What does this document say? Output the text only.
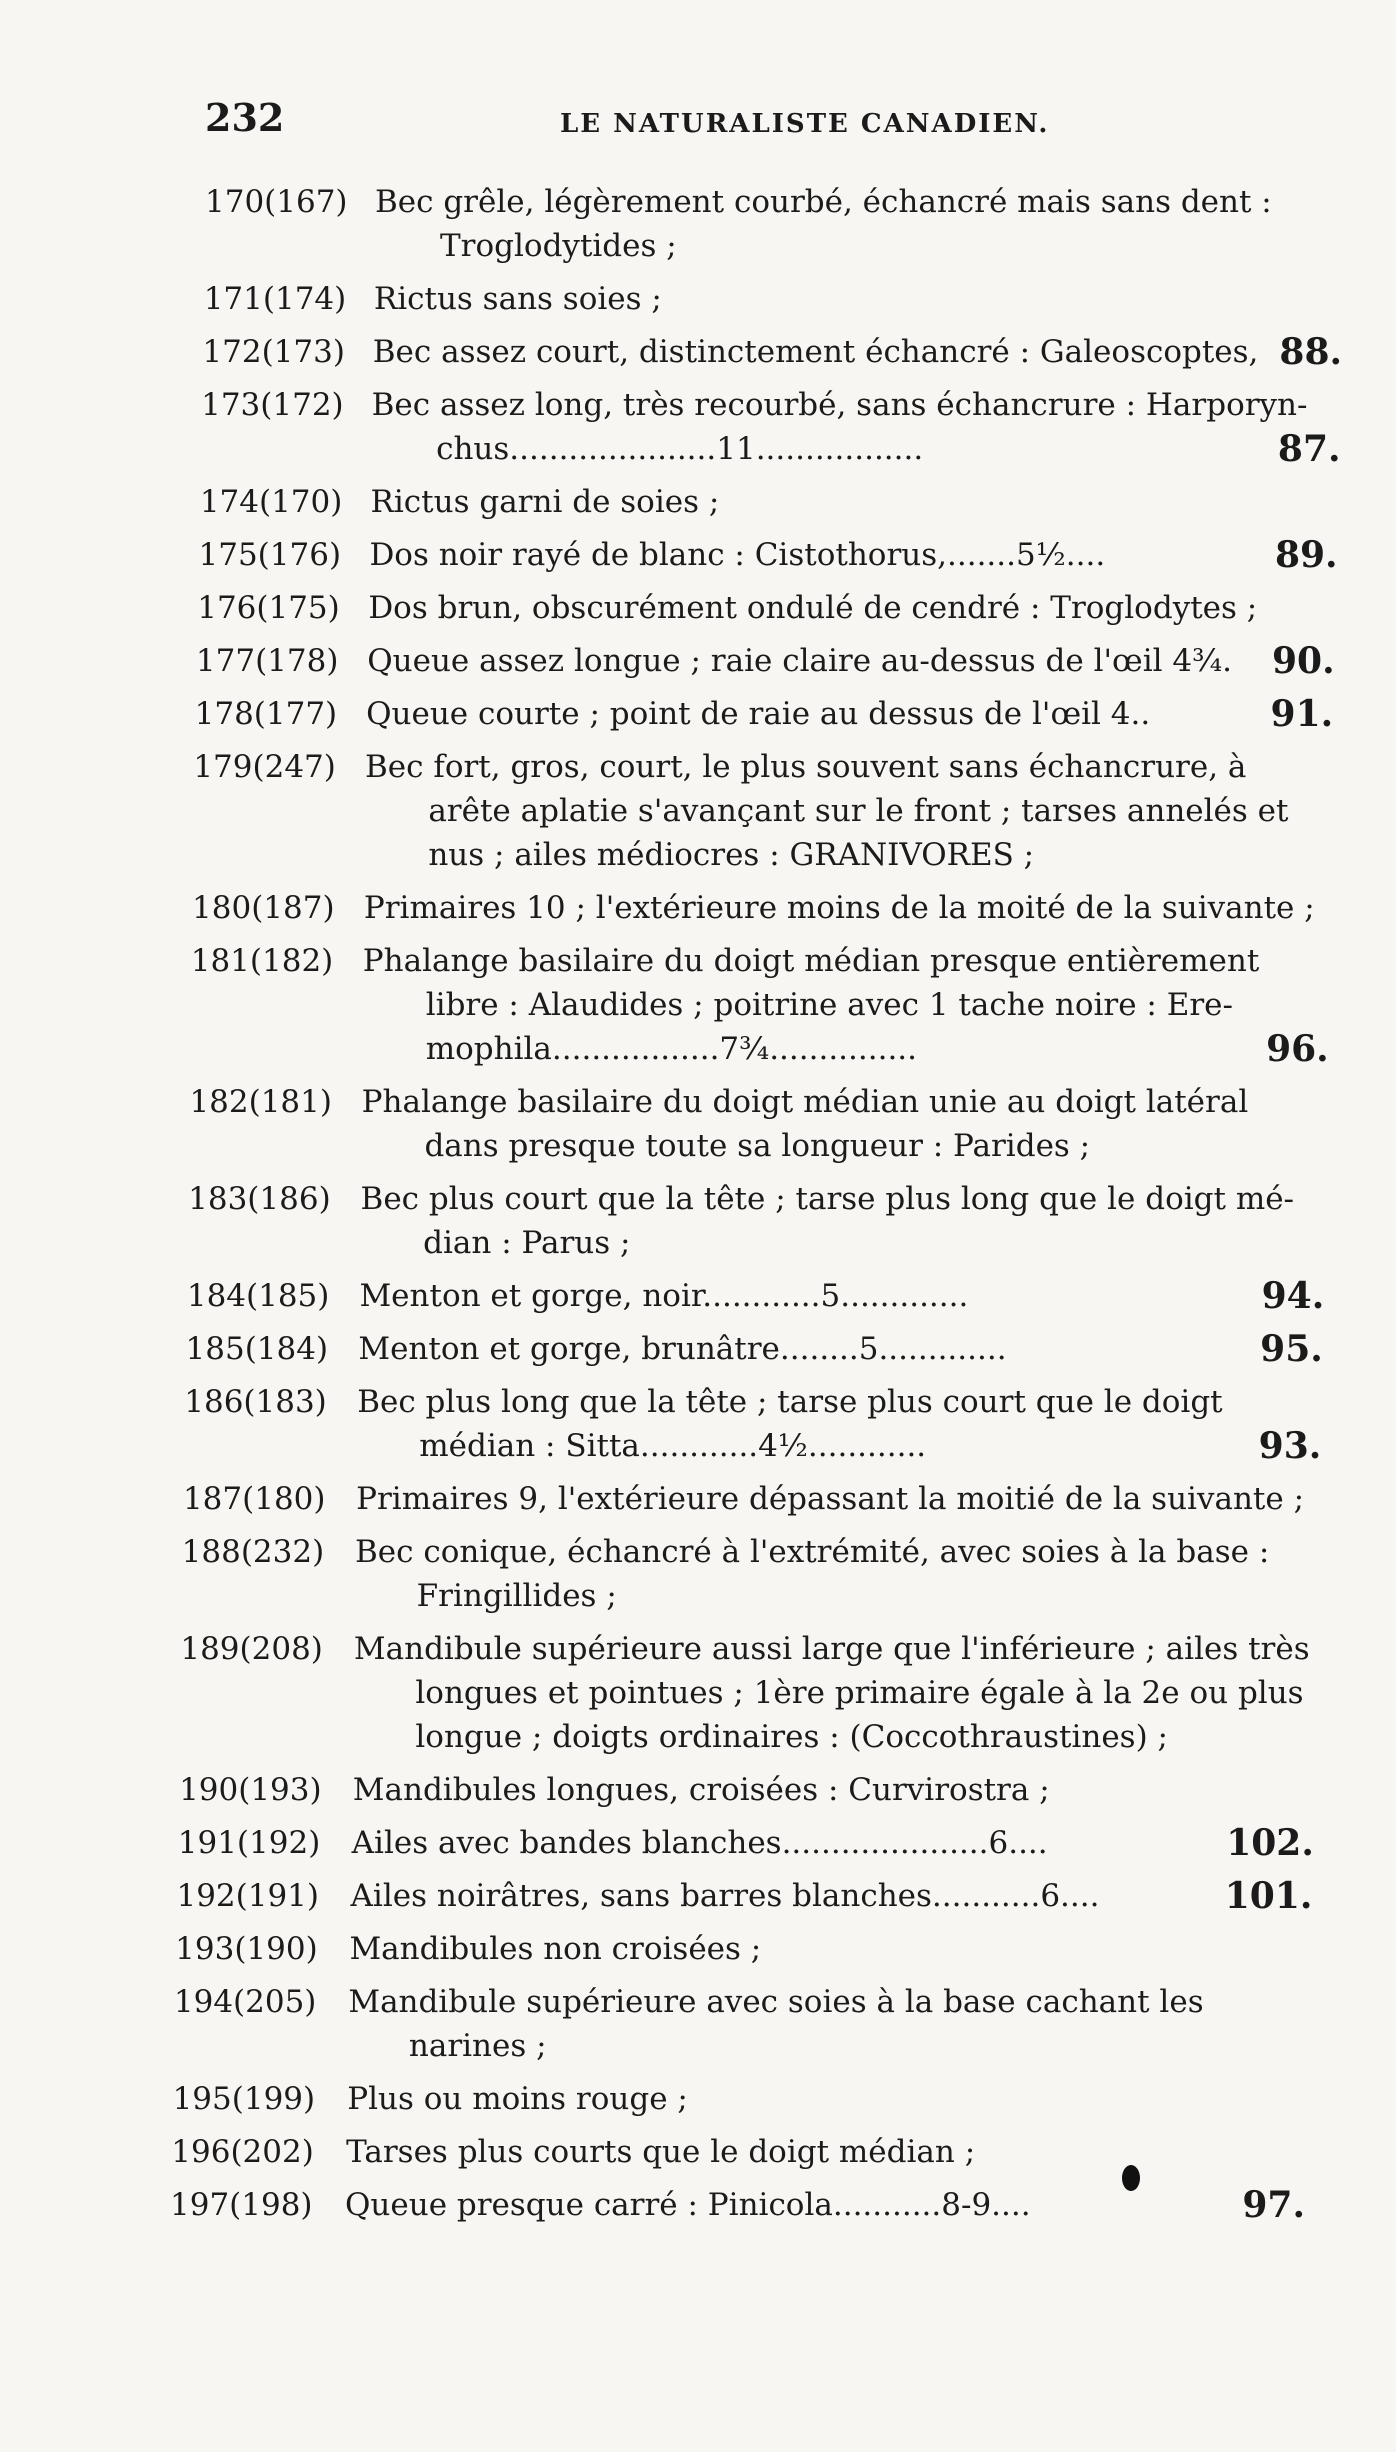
232	LE NATURALISTE CANADIEN.
170(167) Bec grêle, légèrement courbé, échancré mais sans dent :
Troglodytides ;
171(174) Rictus sans soies ;
172(173) Bec assez court, distinctement échancré : Galeoscoptes, 88.
173(172) Bec assez long, très recourbé, sans échancrure : Harporyn-
chus.....................11.................	87.
174(170) Rictus garni de soies ;
175(176) Dos noir rayé de blanc : Cistothorus,.......5½....	89.
176(175) Dos brun, obscurément ondulé de cendré : Troglodytes ;
177(178) Queue assez longue ; raie claire au-dessus de l'œil 4¾. 90.
178(177) Queue courte ; point de raie au dessus de l'œil 4..	91.
179(247) Bec fort, gros, court, le plus souvent sans échancrure, à
arête aplatie s'avançant sur le front ; tarses annelés et
nus ; ailes médiocres : GRANIVORES ;
180(187) Primaires 10 ; l'extérieure moins de la moité de la suivante ;
181(182) Phalange basilaire du doigt médian presque entièrement
libre : Alaudides ; poitrine avec 1 tache noire : Ere-
mophila.................7¾...............	96.
182(181) Phalange basilaire du doigt médian unie au doigt latéral
dans presque toute sa longueur : Parides ;
183(186) Bec plus court que la tête ; tarse plus long que le doigt mé-
dian : Parus ;
184(185) Menton et gorge, noir............5.............	94.
185(184) Menton et gorge, brunâtre........5.............	95.
186(183) Bec plus long que la tête ; tarse plus court que le doigt
médian : Sitta............4½............	93.
187(180) Primaires 9, l'extérieure dépassant la moitié de la suivante ;
188(232) Bec conique, échancré à l'extrémité, avec soies à la base :
Fringillides ;
189(208) Mandibule supérieure aussi large que l'inférieure ; ailes très
longues et pointues ; 1ère primaire égale à la 2e ou plus
longue ; doigts ordinaires : (Coccothraustines) ;
190(193) Mandibules longues, croisées : Curvirostra ;
191(192) Ailes avec bandes blanches.....................6....	102.
192(191) Ailes noirâtres, sans barres blanches...........6....	101.
193(190) Mandibules non croisées ;
194(205) Mandibule supérieure avec soies à la base cachant les
narines ;
195(199) Plus ou moins rouge ;
196(202) Tarses plus courts que le doigt médian ;
197(198) Queue presque carré : Pinicola...........8-9....	97.
